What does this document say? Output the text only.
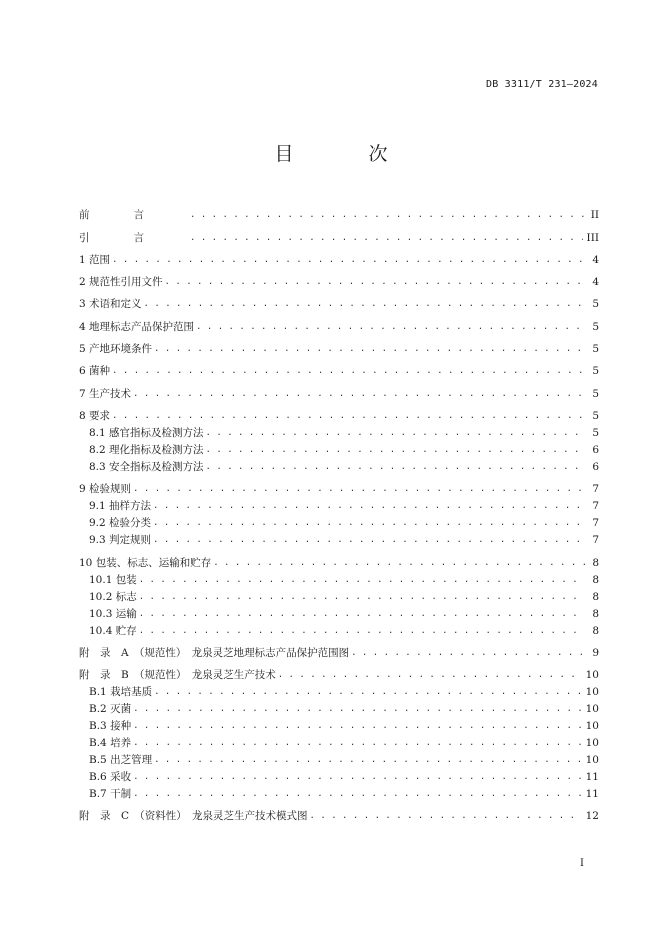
DB 3311/T 231—2024
目　次
前言 . . .	II
引言 . . .	III
1 范围 . . .	4
2 规范性引用文件 . . .	4
3 术语和定义 . . .	5
4 地理标志产品保护范围 . . .	5
5 产地环境条件 . . .	5
6 菌种 . . .	5
7 生产技术 . . .	5
8 要求 . . .	5
8.1 感官指标及检测方法 . . .	5
8.2 理化指标及检测方法 . . .	6
8.3 安全指标及检测方法 . . .	6
9 检验规则 . . .	7
9.1 抽样方法 . . .	7
9.2 检验分类 . . .	7
9.3 判定规则 . . .	7
10 包装、标志、运输和贮存 . . .	8
10.1 包装 . . .	8
10.2 标志 . . .	8
10.3 运输 . . .	8
10.4 贮存 . . .	8
附　录　A　（规范性）　龙泉灵芝地理标志产品保护范围图 . . .	9
附　录　B　（规范性）　龙泉灵芝生产技术 . . .	10
B.1 栽培基质 . . .	10
B.2 灭菌 . . .	10
B.3 接种 . . .	10
B.4 培养 . . .	10
B.5 出芝管理 . . .	10
B.6 采收 . . .	11
B.7 干制 . . .	11
附　录　C　（资料性）　龙泉灵芝生产技术模式图 . . .	12
I
